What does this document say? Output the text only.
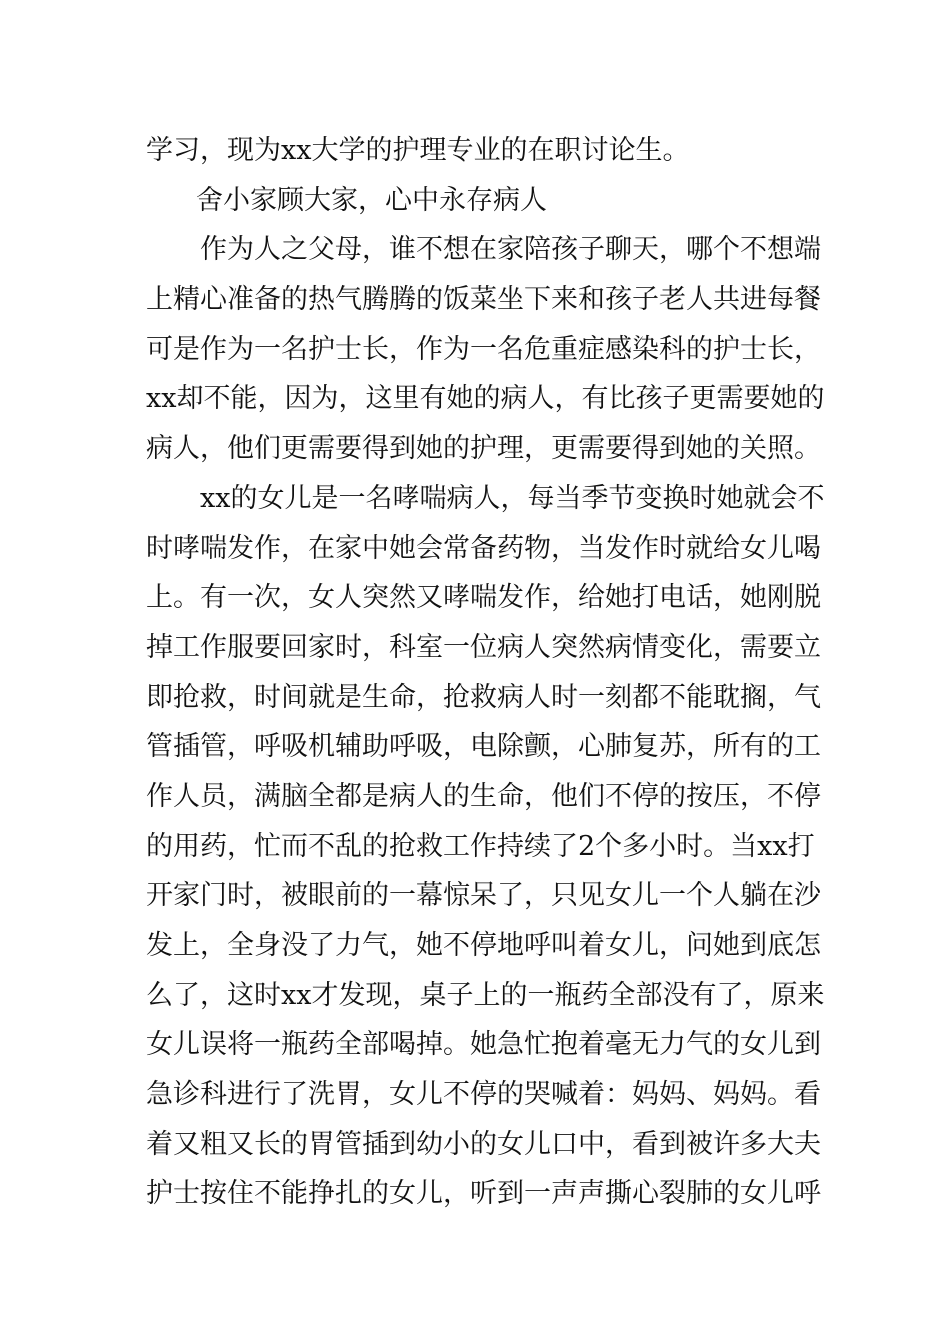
学习，现为xx大学的护理专业的在职讨论生。
舍小家顾大家，心中永存病人
作为人之父母，谁不想在家陪孩子聊天，哪个不想端
上精心准备的热气腾腾的饭菜坐下来和孩子老人共进每餐
可是作为一名护士长，作为一名危重症感染科的护士长，
xx却不能，因为，这里有她的病人，有比孩子更需要她的
病人，他们更需要得到她的护理，更需要得到她的关照。
xx的女儿是一名哮喘病人，每当季节变换时她就会不
时哮喘发作，在家中她会常备药物，当发作时就给女儿喝
上。有一次，女人突然又哮喘发作，给她打电话，她刚脱
掉工作服要回家时，科室一位病人突然病情变化，需要立
即抢救，时间就是生命，抢救病人时一刻都不能耽搁，气
管插管，呼吸机辅助呼吸，电除颤，心肺复苏，所有的工
作人员，满脑全都是病人的生命，他们不停的按压，不停
的用药，忙而不乱的抢救工作持续了2个多小时。当xx打
开家门时，被眼前的一幕惊呆了，只见女儿一个人躺在沙
发上，全身没了力气，她不停地呼叫着女儿，问她到底怎
么了，这时xx才发现，桌子上的一瓶药全部没有了，原来
女儿误将一瓶药全部喝掉。她急忙抱着毫无力气的女儿到
急诊科进行了洗胃，女儿不停的哭喊着：妈妈、妈妈。看
着又粗又长的胃管插到幼小的女儿口中，看到被许多大夫
护士按住不能挣扎的女儿，听到一声声撕心裂肺的女儿呼
